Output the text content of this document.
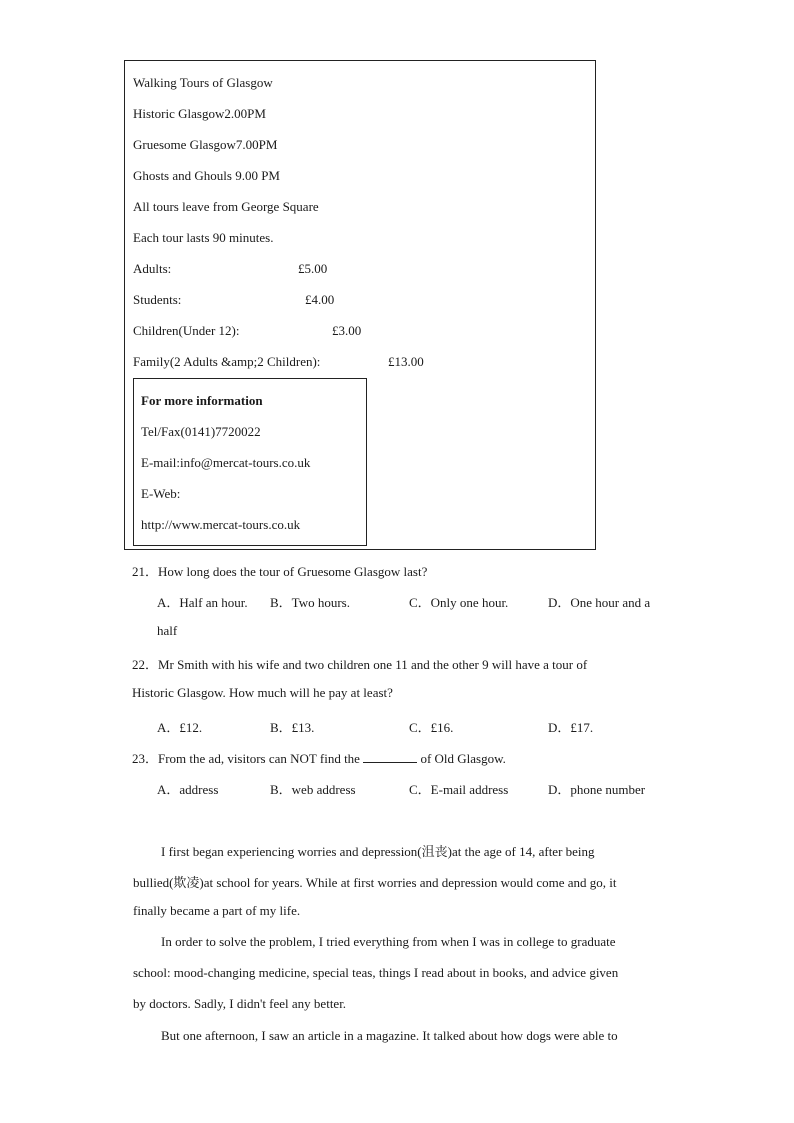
Walking Tours of Glasgow
Historic Glasgow2.00PM
Gruesome Glasgow7.00PM
Ghosts and Ghouls 9.00 PM
All tours leave from George Square
Each tour lasts 90 minutes.
Adults:	£5.00
Students:	£4.00
Children(Under 12):	£3.00
Family(2 Adults &amp;2 Children):	£13.00
For more information
Tel/Fax(0141)7720022
E-mail:info@mercat-tours.co.uk
E-Web:
http://www.mercat-tours.co.uk
21．How long does the tour of Gruesome Glasgow last?
A．Half an hour. B．Two hours.	C．Only one hour.	D．One hour and a
half
22．Mr Smith with his wife and two children one 11 and the other 9 will have a tour of
Historic Glasgow. How much will he pay at least?
A．£12.	B．£13.	C．£16.	D．£17.
23．From the ad, visitors can NOT find the	of Old Glasgow.
A．address	B．web address	C．E-mail address	D．phone number
I first began experiencing worries and depression(沮丧)at the age of 14, after being
bullied(欺凌)at school for years. While at first worries and depression would come and go, it
finally became a part of my life.
In order to solve the problem, I tried everything from when I was in college to graduate
school: mood-changing medicine, special teas, things I read about in books, and advice given
by doctors. Sadly, I didn't feel any better.
But one afternoon, I saw an article in a magazine. It talked about how dogs were able to
